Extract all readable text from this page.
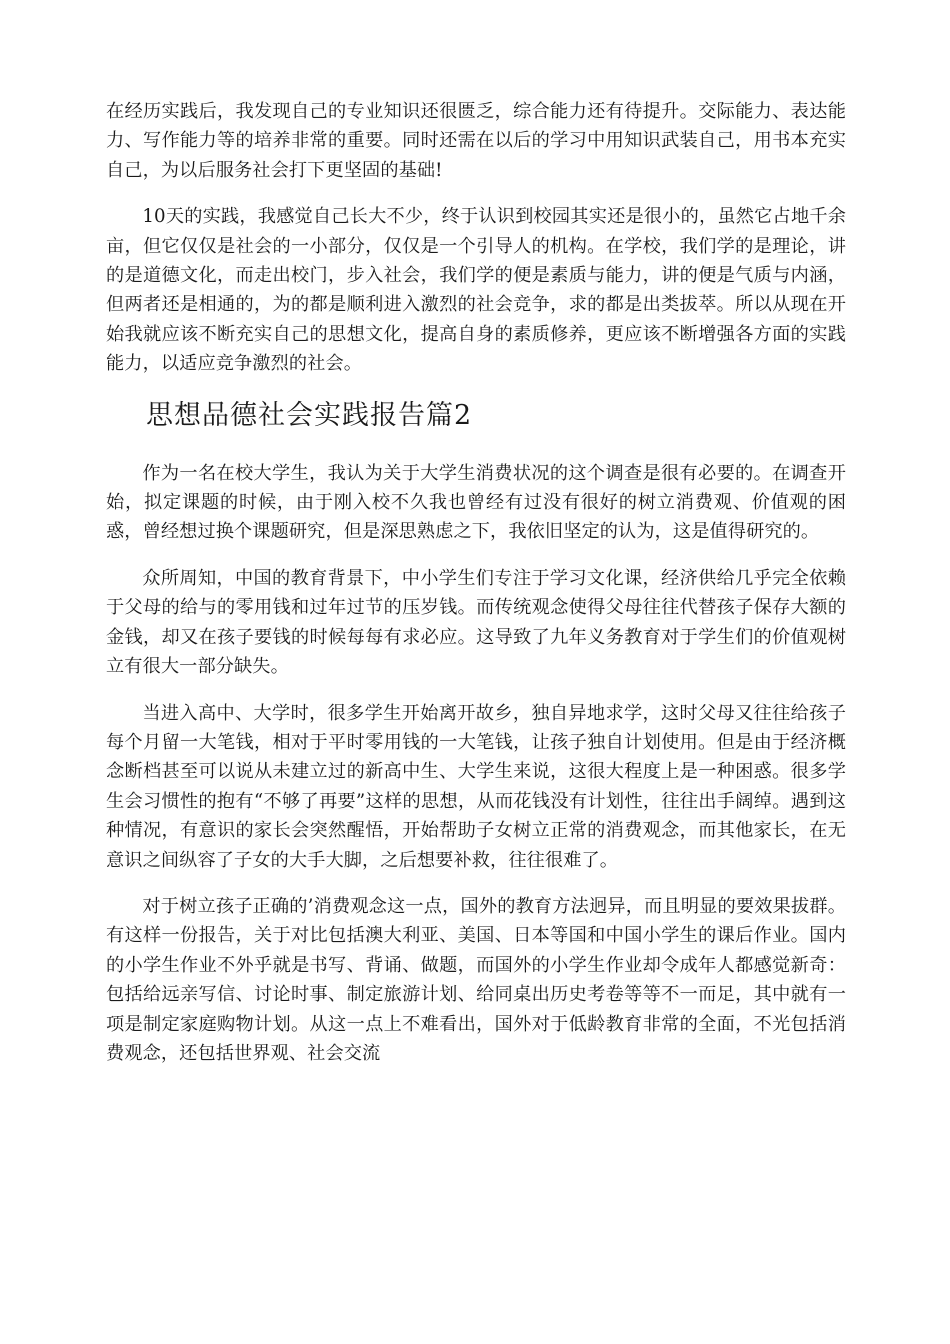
在经历实践后，我发现自己的专业知识还很匮乏，综合能力还有待提升。交际能力、表达能力、写作能力等的培养非常的重要。同时还需在以后的学习中用知识武装自己，用书本充实自己，为以后服务社会打下更坚固的基础!

10天的实践，我感觉自己长大不少，终于认识到校园其实还是很小的，虽然它占地千余亩，但它仅仅是社会的一小部分，仅仅是一个引导人的机构。在学校，我们学的是理论，讲的是道德文化，而走出校门，步入社会，我们学的便是素质与能力，讲的便是气质与内涵，但两者还是相通的，为的都是顺利进入激烈的社会竞争，求的都是出类拔萃。所以从现在开始我就应该不断充实自己的思想文化，提高自身的素质修养，更应该不断增强各方面的实践能力，以适应竞争激烈的社会。

思想品德社会实践报告篇2

作为一名在校大学生，我认为关于大学生消费状况的这个调查是很有必要的。在调查开始，拟定课题的时候，由于刚入校不久我也曾经有过没有很好的树立消费观、价值观的困惑，曾经想过换个课题研究，但是深思熟虑之下，我依旧坚定的认为，这是值得研究的。

众所周知，中国的教育背景下，中小学生们专注于学习文化课，经济供给几乎完全依赖于父母的给与的零用钱和过年过节的压岁钱。而传统观念使得父母往往代替孩子保存大额的金钱，却又在孩子要钱的时候每每有求必应。这导致了九年义务教育对于学生们的价值观树立有很大一部分缺失。

当进入高中、大学时，很多学生开始离开故乡，独自异地求学，这时父母又往往给孩子每个月留一大笔钱，相对于平时零用钱的一大笔钱，让孩子独自计划使用。但是由于经济概念断档甚至可以说从未建立过的新高中生、大学生来说，这很大程度上是一种困惑。很多学生会习惯性的抱有“不够了再要”这样的思想，从而花钱没有计划性，往往出手阔绰。遇到这种情况，有意识的家长会突然醒悟，开始帮助子女树立正常的消费观念，而其他家长，在无意识之间纵容了子女的大手大脚，之后想要补救，往往很难了。

对于树立孩子正确的’消费观念这一点，国外的教育方法迥异，而且明显的要效果拔群。有这样一份报告，关于对比包括澳大利亚、美国、日本等国和中国小学生的课后作业。国内的小学生作业不外乎就是书写、背诵、做题，而国外的小学生作业却令成年人都感觉新奇：包括给远亲写信、讨论时事、制定旅游计划、给同桌出历史考卷等等不一而足，其中就有一项是制定家庭购物计划。从这一点上不难看出，国外对于低龄教育非常的全面，不光包括消费观念，还包括世界观、社会交流
